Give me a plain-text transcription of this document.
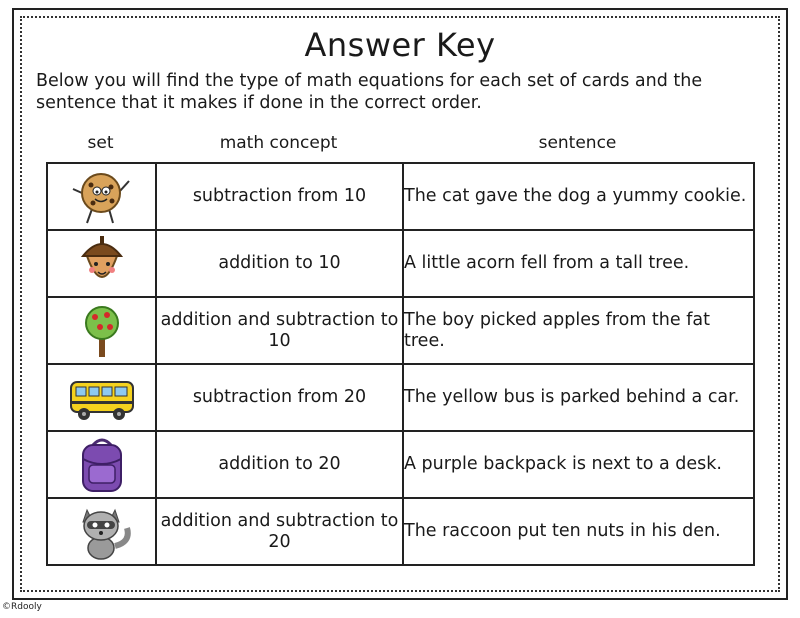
Answer Key
Below you will find the type of math equations for each set of cards and the sentence that it makes if done in the correct order.
set	math concept	sentence
	subtraction from 10	The cat gave the dog a yummy cookie.
	addition to 10	A little acorn fell from a tall tree.
	addition and subtraction to 10	The boy picked apples from the fat tree.
	subtraction from 20	The yellow bus is parked behind a car.
	addition to 20	A purple backpack is next to a desk.
	addition and subtraction to 20	The raccoon put ten nuts in his den.
©Rdooly
